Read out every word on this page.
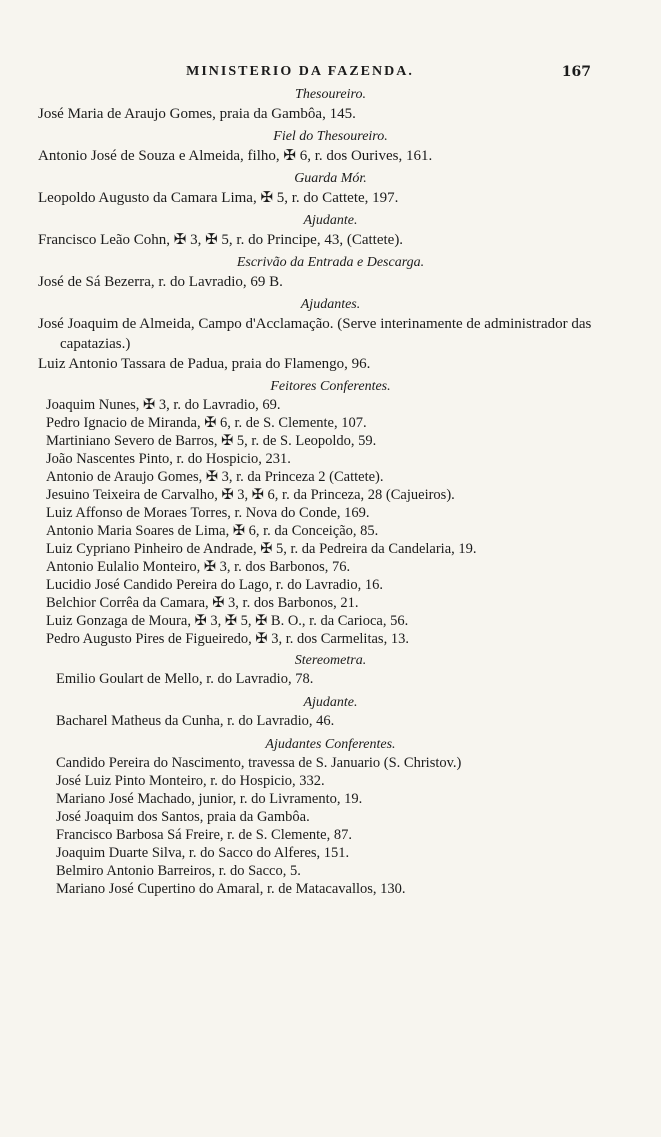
MINISTERIO DA FAZENDA.	167

Thesoureiro.

José Maria de Araujo Gomes, praia da Gambôa, 145.

Fiel do Thesoureiro.

Antonio José de Souza e Almeida, filho, ✠ 6, r. dos Ourives, 161.

Guarda Mór.

Leopoldo Augusto da Camara Lima, ✠ 5, r. do Cattete, 197.

Ajudante.

Francisco Leão Cohn, ✠ 3, ✠ 5, r. do Principe, 43, (Cattete).

Escrivão da Entrada e Descarga.

José de Sá Bezerra, r. do Lavradio, 69 B.

Ajudantes.

José Joaquim de Almeida, Campo d'Acclamação. (Serve interinamente de administrador das capatazias.)

Luiz Antonio Tassara de Padua, praia do Flamengo, 96.

Feitores Conferentes.

Joaquim Nunes, ✠ 3, r. do Lavradio, 69.

Pedro Ignacio de Miranda, ✠ 6, r. de S. Clemente, 107.

Martiniano Severo de Barros, ✠ 5, r. de S. Leopoldo, 59.

João Nascentes Pinto, r. do Hospicio, 231.

Antonio de Araujo Gomes, ✠ 3, r. da Princeza 2 (Cattete).

Jesuino Teixeira de Carvalho, ✠ 3, ✠ 6, r. da Princeza, 28 (Cajueiros).

Luiz Affonso de Moraes Torres, r. Nova do Conde, 169.

Antonio Maria Soares de Lima, ✠ 6, r. da Conceição, 85.

Luiz Cypriano Pinheiro de Andrade, ✠ 5, r. da Pedreira da Candelaria, 19.

Antonio Eulalio Monteiro, ✠ 3, r. dos Barbonos, 76.

Lucidio José Candido Pereira do Lago, r. do Lavradio, 16.

Belchior Corrêa da Camara, ✠ 3, r. dos Barbonos, 21.

Luiz Gonzaga de Moura, ✠ 3, ✠ 5, ✠ B. O., r. da Carioca, 56.

Pedro Augusto Pires de Figueiredo, ✠ 3, r. dos Carmelitas, 13.

Stereometra.

Emilio Goulart de Mello, r. do Lavradio, 78.

Ajudante.

Bacharel Matheus da Cunha, r. do Lavradio, 46.

Ajudantes Conferentes.

Candido Pereira do Nascimento, travessa de S. Januario (S. Christov.)

José Luiz Pinto Monteiro, r. do Hospicio, 332.

Mariano José Machado, junior, r. do Livramento, 19.

José Joaquim dos Santos, praia da Gambôa.

Francisco Barbosa Sá Freire, r. de S. Clemente, 87.

Joaquim Duarte Silva, r. do Sacco do Alferes, 151.

Belmiro Antonio Barreiros, r. do Sacco, 5.

Mariano José Cupertino do Amaral, r. de Matacavallos, 130.
